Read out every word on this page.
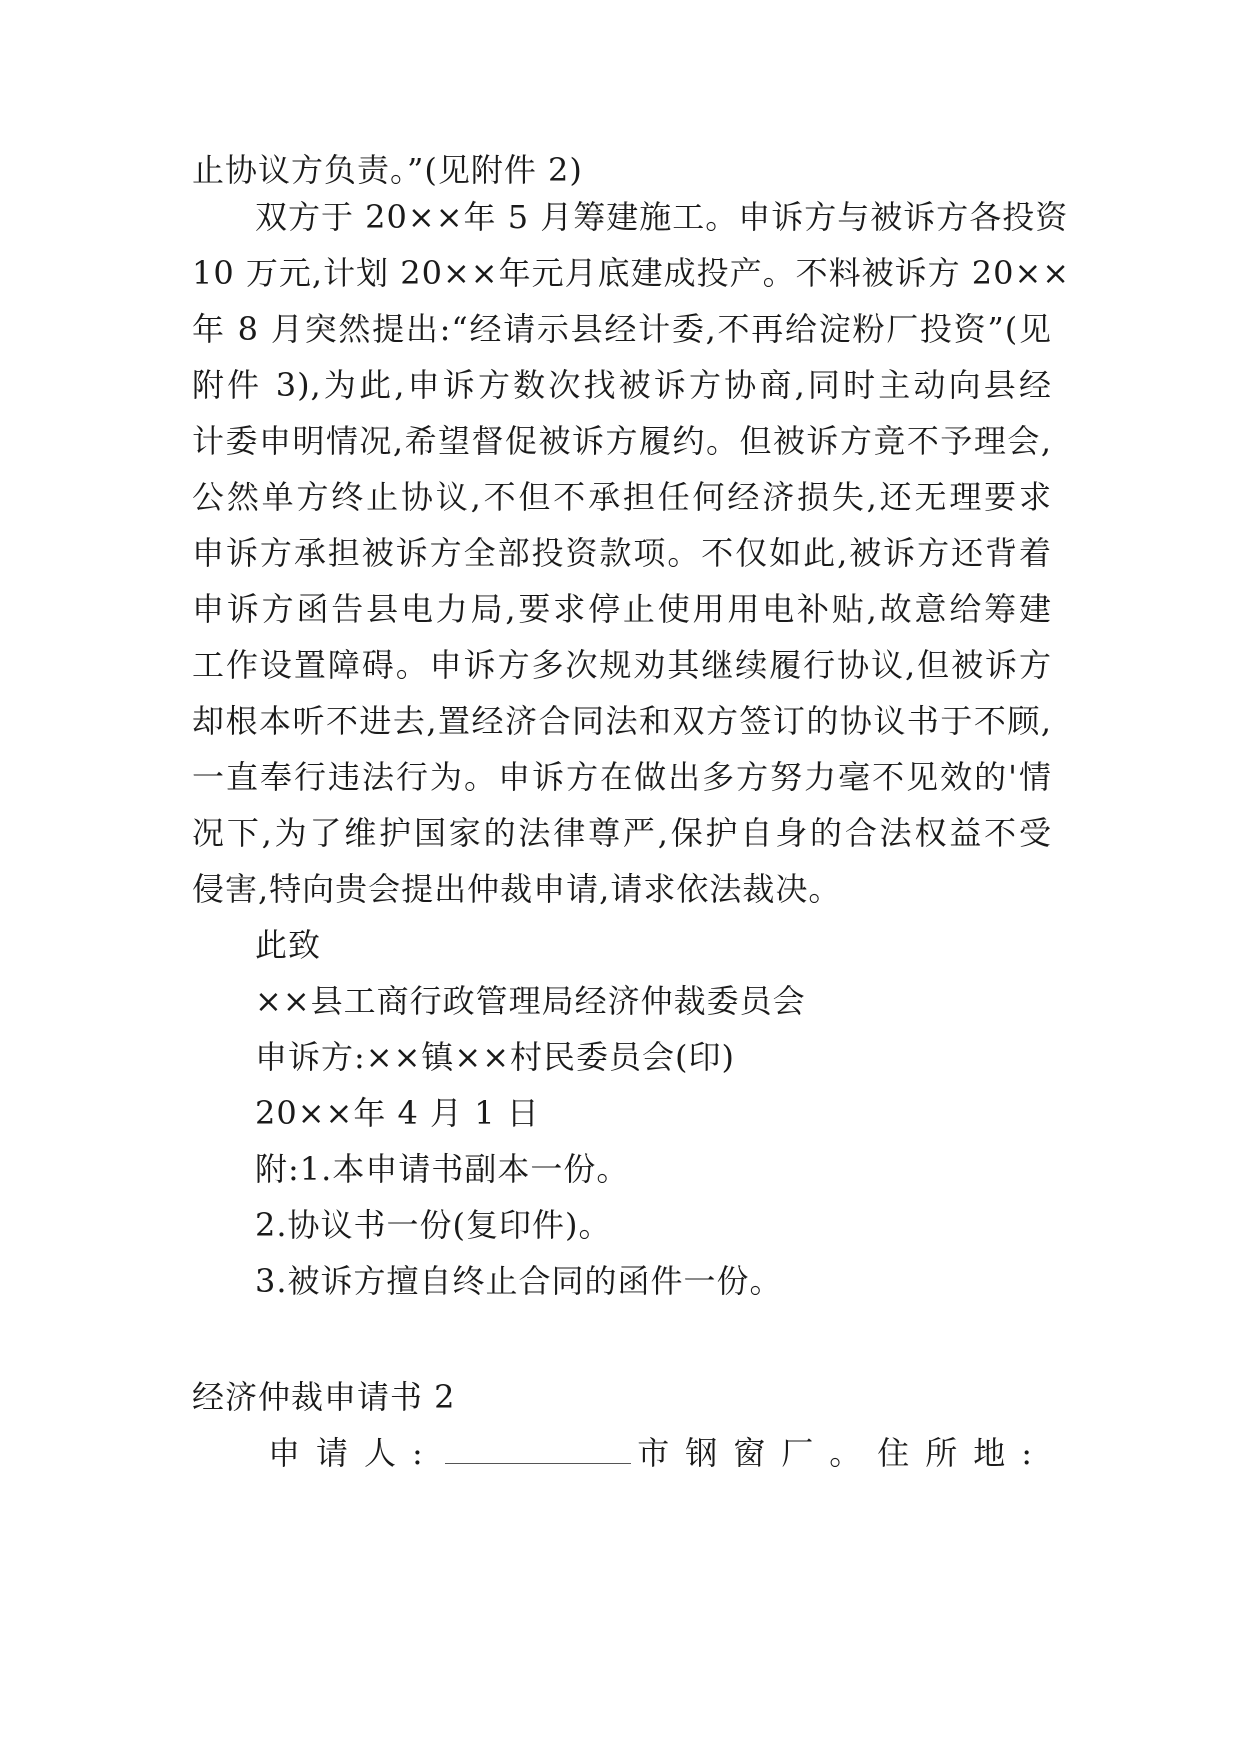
止协议方负责。”(见附件 2)
双方于 20××年 5 月筹建施工。申诉方与被诉方各投资
10 万元,计划 20××年元月底建成投产。不料被诉方 20××
年 8 月突然提出:“经请示县经计委,不再给淀粉厂投资”(见
附件 3),为此,申诉方数次找被诉方协商,同时主动向县经
计委申明情况,希望督促被诉方履约。但被诉方竟不予理会,
公然单方终止协议,不但不承担任何经济损失,还无理要求
申诉方承担被诉方全部投资款项。不仅如此,被诉方还背着
申诉方函告县电力局,要求停止使用用电补贴,故意给筹建
工作设置障碍。申诉方多次规劝其继续履行协议,但被诉方
却根本听不进去,置经济合同法和双方签订的协议书于不顾,
一直奉行违法行为。申诉方在做出多方努力毫不见效的'情
况下,为了维护国家的法律尊严,保护自身的合法权益不受
侵害,特向贵会提出仲裁申请,请求依法裁决。
此致
××县工商行政管理局经济仲裁委员会
申诉方:××镇××村民委员会(印)
20××年 4 月 1 日
附:1.本申请书副本一份。
2.协议书一份(复印件)。
3.被诉方擅自终止合同的函件一份。
经济仲裁申请书 2
申请人:	市钢窗厂。住所地:
